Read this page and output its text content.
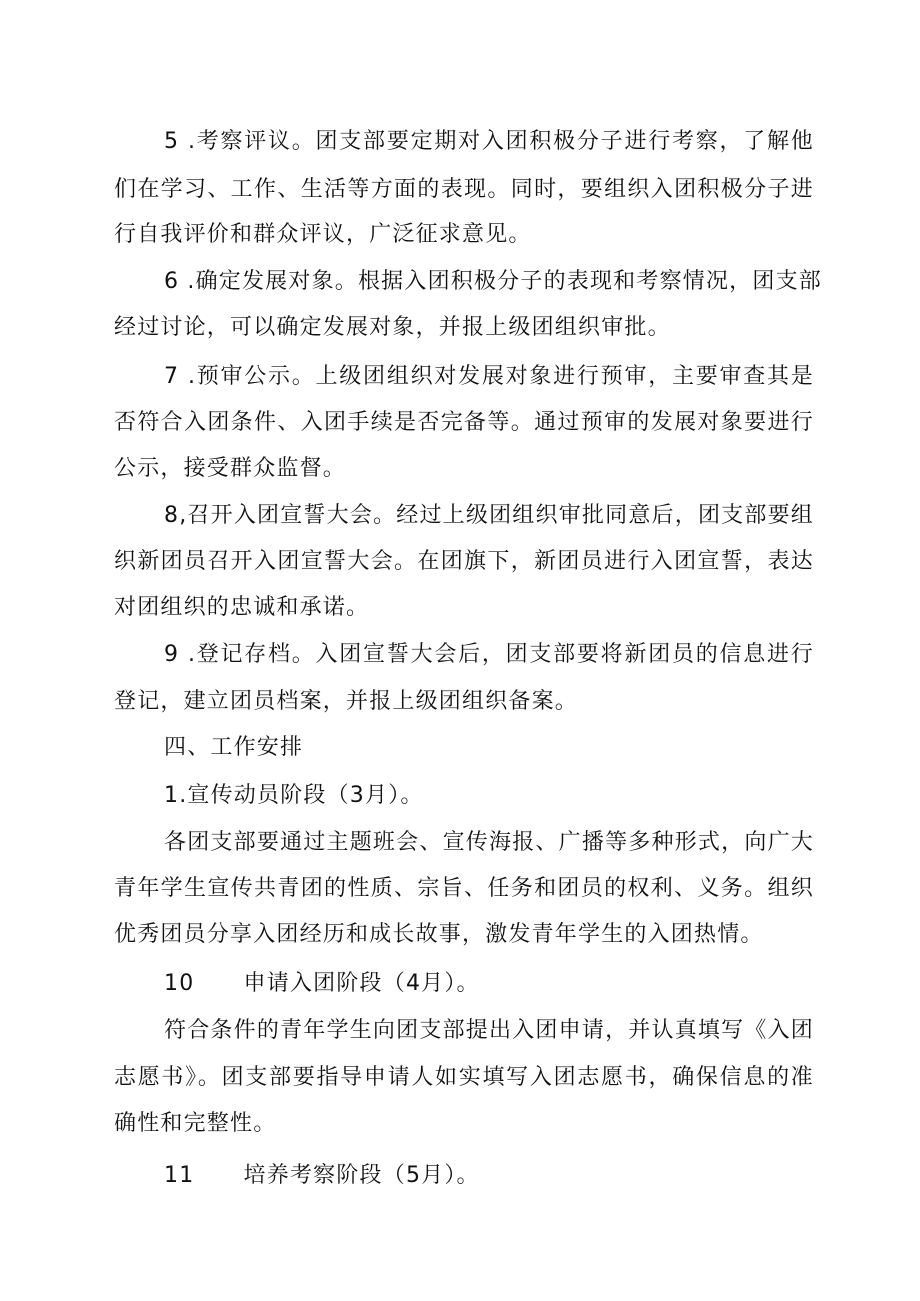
5 .考察评议。团支部要定期对入团积极分子进行考察，了解他
们在学习、工作、生活等方面的表现。同时，要组织入团积极分子进
行自我评价和群众评议，广泛征求意见。
6 .确定发展对象。根据入团积极分子的表现和考察情况，团支部
经过讨论，可以确定发展对象，并报上级团组织审批。
7 .预审公示。上级团组织对发展对象进行预审，主要审查其是
否符合入团条件、入团手续是否完备等。通过预审的发展对象要进行
公示，接受群众监督。
8,召开入团宣誓大会。经过上级团组织审批同意后，团支部要组
织新团员召开入团宣誓大会。在团旗下，新团员进行入团宣誓，表达
对团组织的忠诚和承诺。
9 .登记存档。入团宣誓大会后，团支部要将新团员的信息进行
登记，建立团员档案，并报上级团组织备案。
四、工作安排
1.宣传动员阶段（3月）。
各团支部要通过主题班会、宣传海报、广播等多种形式，向广大
青年学生宣传共青团的性质、宗旨、任务和团员的权利、义务。组织
优秀团员分享入团经历和成长故事，激发青年学生的入团热情。
10      申请入团阶段（4月）。
符合条件的青年学生向团支部提出入团申请，并认真填写《入团
志愿书》。团支部要指导申请人如实填写入团志愿书，确保信息的准
确性和完整性。
11      培养考察阶段（5月）。
